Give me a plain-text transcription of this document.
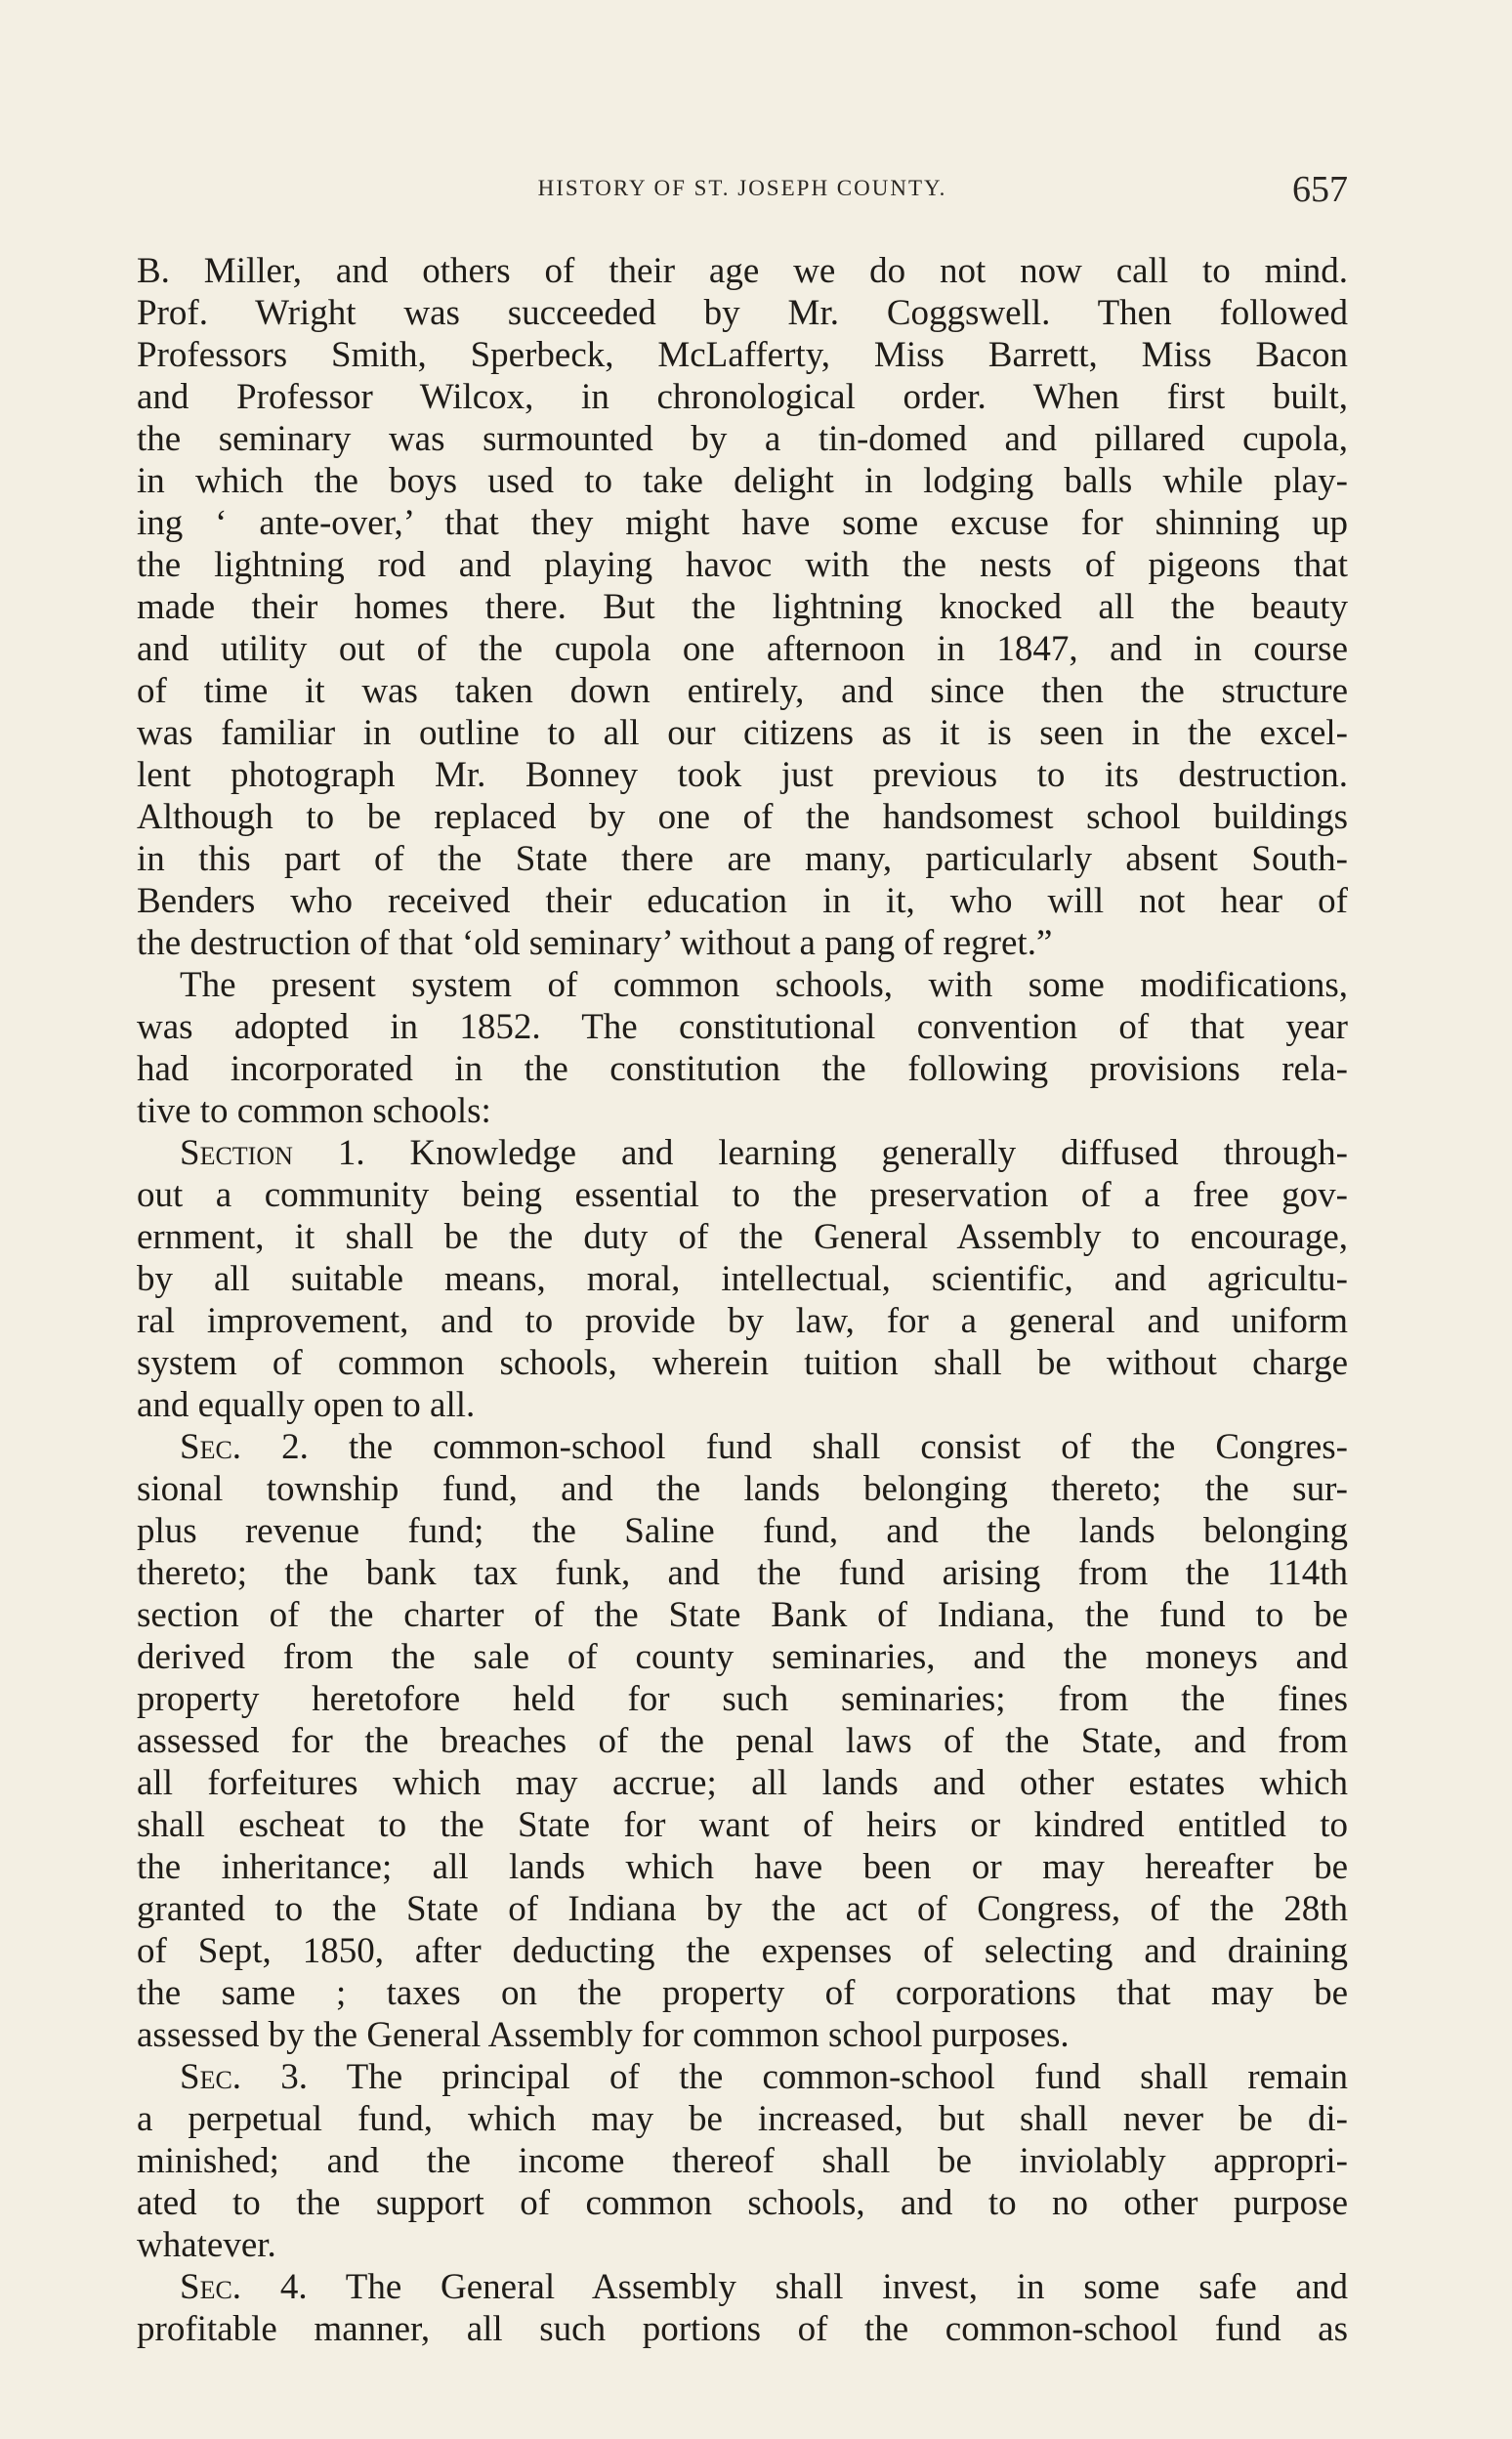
HISTORY OF ST. JOSEPH COUNTY.	657
B. Miller, and others of their age we do not now call to mind.
Prof. Wright was succeeded by Mr. Coggswell. Then followed
Professors Smith, Sperbeck, McLafferty, Miss Barrett, Miss Bacon
and Professor Wilcox, in chronological order. When first built,
the seminary was surmounted by a tin-domed and pillared cupola,
in which the boys used to take delight in lodging balls while play-
ing ‘ ante-over,’ that they might have some excuse for shinning up
the lightning rod and playing havoc with the nests of pigeons that
made their homes there. But the lightning knocked all the beauty
and utility out of the cupola one afternoon in 1847, and in course
of time it was taken down entirely, and since then the structure
was familiar in outline to all our citizens as it is seen in the excel-
lent photograph Mr. Bonney took just previous to its destruction.
Although to be replaced by one of the handsomest school buildings
in this part of the State there are many, particularly absent South-
Benders who received their education in it, who will not hear of
the destruction of that ‘old seminary’ without a pang of regret.”
The present system of common schools, with some modifications,
was adopted in 1852. The constitutional convention of that year
had incorporated in the constitution the following provisions rela-
tive to common schools:
Section 1. Knowledge and learning generally diffused through-
out a community being essential to the preservation of a free gov-
ernment, it shall be the duty of the General Assembly to encourage,
by all suitable means, moral, intellectual, scientific, and agricultu-
ral improvement, and to provide by law, for a general and uniform
system of common schools, wherein tuition shall be without charge
and equally open to all.
Sec. 2. the common-school fund shall consist of the Congres-
sional township fund, and the lands belonging thereto; the sur-
plus revenue fund; the Saline fund, and the lands belonging
thereto; the bank tax funk, and the fund arising from the 114th
section of the charter of the State Bank of Indiana, the fund to be
derived from the sale of county seminaries, and the moneys and
property heretofore held for such seminaries; from the fines
assessed for the breaches of the penal laws of the State, and from
all forfeitures which may accrue; all lands and other estates which
shall escheat to the State for want of heirs or kindred entitled to
the inheritance; all lands which have been or may hereafter be
granted to the State of Indiana by the act of Congress, of the 28th
of Sept, 1850, after deducting the expenses of selecting and draining
the same ; taxes on the property of corporations that may be
assessed by the General Assembly for common school purposes.
Sec. 3. The principal of the common-school fund shall remain
a perpetual fund, which may be increased, but shall never be di-
minished; and the income thereof shall be inviolably appropri-
ated to the support of common schools, and to no other purpose
whatever.
Sec. 4. The General Assembly shall invest, in some safe and
profitable manner, all such portions of the common-school fund as
